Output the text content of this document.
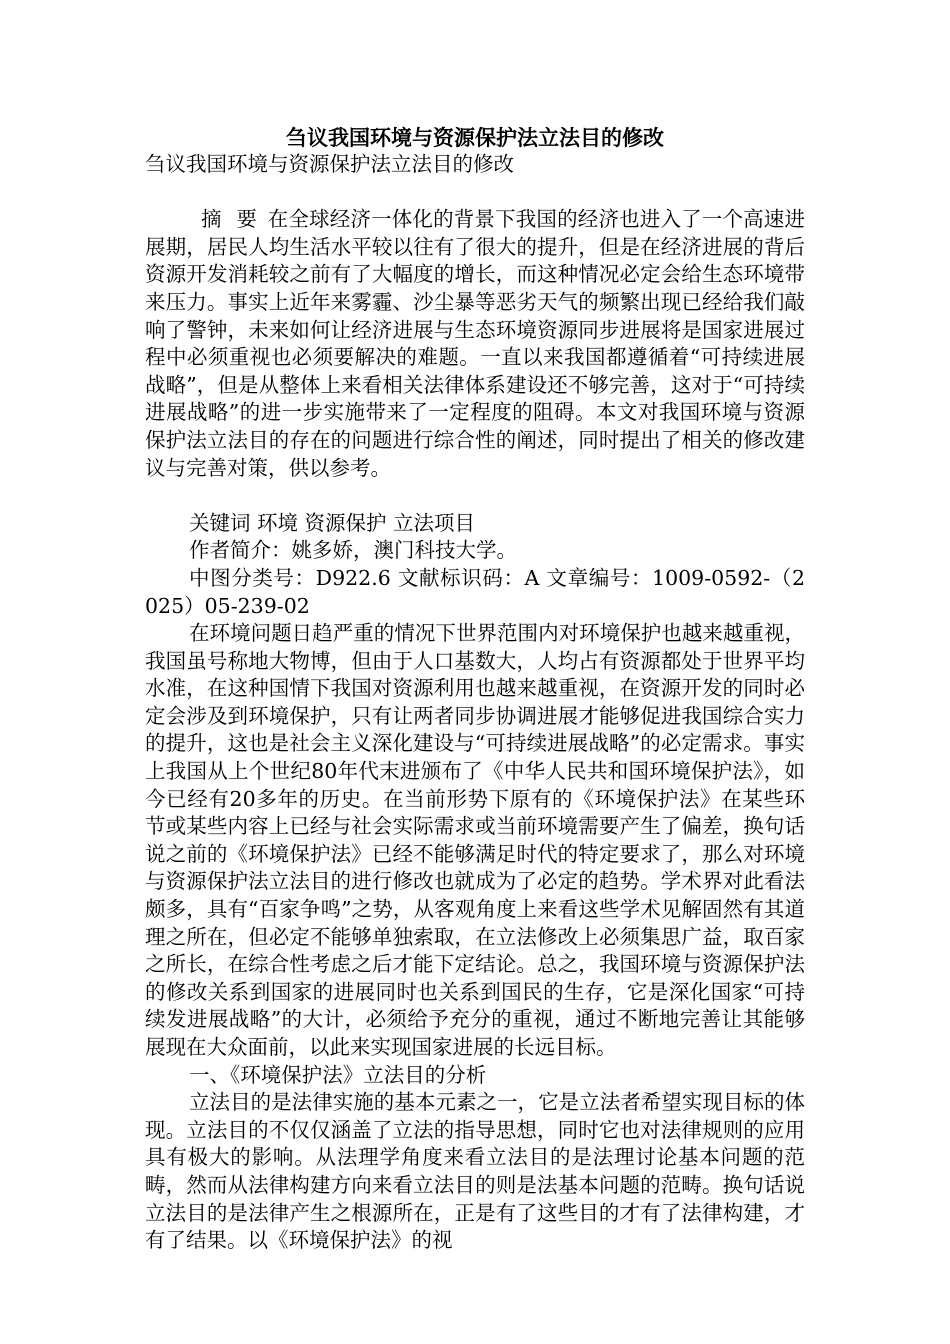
刍议我国环境与资源保护法立法目的修改

刍议我国环境与资源保护法立法目的修改

摘 要 在全球经济一体化的背景下我国的经济也进入了一个高速进展期，居民人均生活水平较以往有了很大的提升，但是在经济进展的背后资源开发消耗较之前有了大幅度的增长，而这种情况必定会给生态环境带来压力。事实上近年来雾霾、沙尘暴等恶劣天气的频繁出现已经给我们敲响了警钟，未来如何让经济进展与生态环境资源同步进展将是国家进展过程中必须重视也必须要解决的难题。一直以来我国都遵循着“可持续进展战略”，但是从整体上来看相关法律体系建设还不够完善，这对于“可持续进展战略”的进一步实施带来了一定程度的阻碍。本文对我国环境与资源保护法立法目的存在的问题进行综合性的阐述，同时提出了相关的修改建议与完善对策，供以参考。

关键词 环境 资源保护 立法项目

作者简介：姚多娇，澳门科技大学。

中图分类号：D922.6 文献标识码：A 文章编号：1009-0592-（2025）05-239-02

在环境问题日趋严重的情况下世界范围内对环境保护也越来越重视，我国虽号称地大物博，但由于人口基数大，人均占有资源都处于世界平均水准，在这种国情下我国对资源利用也越来越重视，在资源开发的同时必定会涉及到环境保护，只有让两者同步协调进展才能够促进我国综合实力的提升，这也是社会主义深化建设与“可持续进展战略”的必定需求。事实上我国从上个世纪80年代末进颁布了《中华人民共和国环境保护法》，如今已经有20多年的历史。在当前形势下原有的《环境保护法》在某些环节或某些内容上已经与社会实际需求或当前环境需要产生了偏差，换句话说之前的《环境保护法》已经不能够满足时代的特定要求了，那么对环境与资源保护法立法目的进行修改也就成为了必定的趋势。学术界对此看法颇多，具有“百家争鸣”之势，从客观角度上来看这些学术见解固然有其道理之所在，但必定不能够单独索取，在立法修改上必须集思广益，取百家之所长，在综合性考虑之后才能下定结论。总之，我国环境与资源保护法的修改关系到国家的进展同时也关系到国民的生存，它是深化国家“可持续发进展战略”的大计，必须给予充分的重视，通过不断地完善让其能够展现在大众面前，以此来实现国家进展的长远目标。

一、《环境保护法》立法目的分析

立法目的是法律实施的基本元素之一，它是立法者希望实现目标的体现。立法目的不仅仅涵盖了立法的指导思想，同时它也对法律规则的应用具有极大的影响。从法理学角度来看立法目的是法理讨论基本问题的范畴，然而从法律构建方向来看立法目的则是法基本问题的范畴。换句话说立法目的是法律产生之根源所在，正是有了这些目的才有了法律构建，才有了结果。以《环境保护法》的视
